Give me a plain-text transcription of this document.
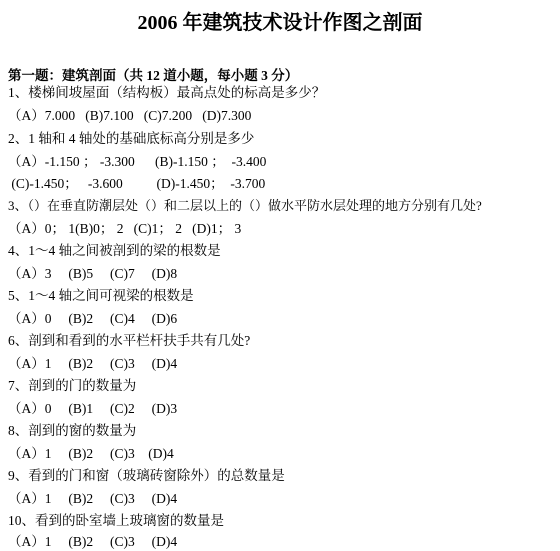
2006 年建筑技术设计作图之剖面
第一题：建筑剖面（共 12 道小题，每小题 3 分）
1、楼梯间坡屋面（结构板）最高点处的标高是多少？
（A）7.000   (B)7.100   (C)7.200   (D)7.300
2、1 轴和 4 轴处的基础底标高分别是多少
（A）-1.150 ； -3.300      (B)-1.150 ；  -3.400
(C)-1.450；   -3.600          (D)-1.450；  -3.700
3、（）在垂直防潮层处（）和二层以上的（）做水平防水层处理的地方分别有几处?
（A）0； 1(B)0； 2   (C)1； 2   (D)1； 3
4、1～4 轴之间被剖到的梁的根数是
（A）3     (B)5     (C)7     (D)8
5、1～4 轴之间可视梁的根数是
（A）0     (B)2     (C)4     (D)6
6、剖到和看到的水平栏杆扶手共有几处?
（A）1     (B)2     (C)3     (D)4
7、剖到的门的数量为
（A）0     (B)1     (C)2     (D)3
8、剖到的窗的数量为
（A）1     (B)2     (C)3    (D)4
9、看到的门和窗（玻璃砖窗除外）的总数量是
（A）1     (B)2     (C)3     (D)4
10、看到的卧室墙上玻璃窗的数量是
（A）1     (B)2     (C)3     (D)4
